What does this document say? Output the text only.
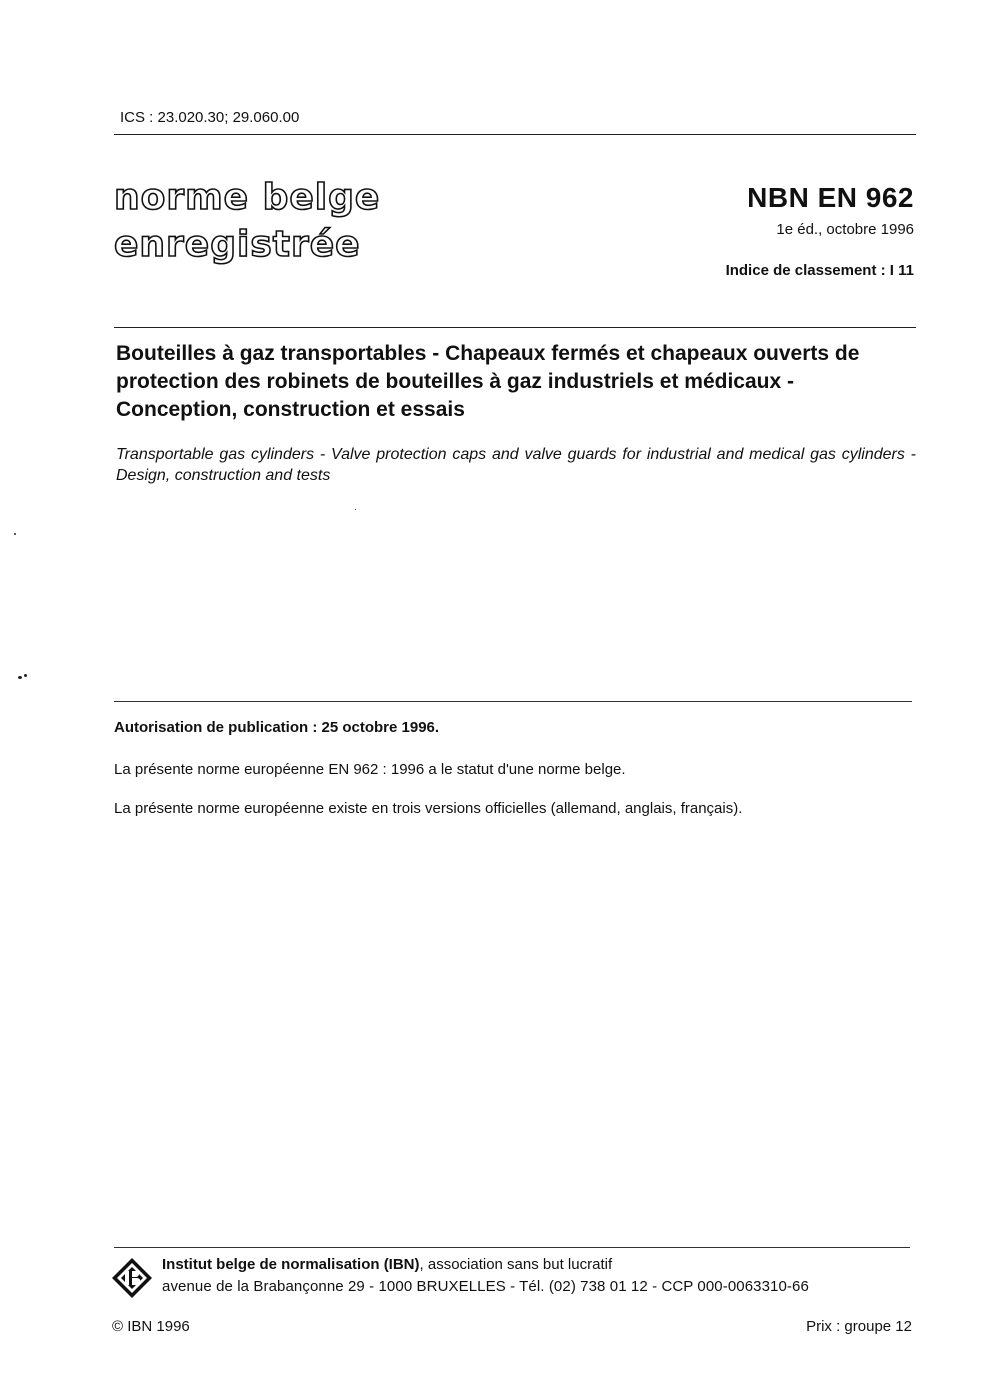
ICS : 23.020.30; 29.060.00
norme belge
enregistrée
NBN EN 962
1e éd., octobre 1996
Indice de classement : I 11
Bouteilles à gaz transportables - Chapeaux fermés et chapeaux ouverts de protection des robinets de bouteilles à gaz industriels et médicaux - Conception, construction et essais
Transportable gas cylinders - Valve protection caps and valve guards for industrial and medical gas cylinders - Design, construction and tests
Autorisation de publication : 25 octobre 1996.
La présente norme européenne EN 962 : 1996 a le statut d'une norme belge.
La présente norme européenne existe en trois versions officielles (allemand, anglais, français).
Institut belge de normalisation (IBN), association sans but lucratif
avenue de la Brabançonne 29 - 1000 BRUXELLES - Tél. (02) 738 01 12 - CCP 000-0063310-66
© IBN 1996	Prix : groupe 12
